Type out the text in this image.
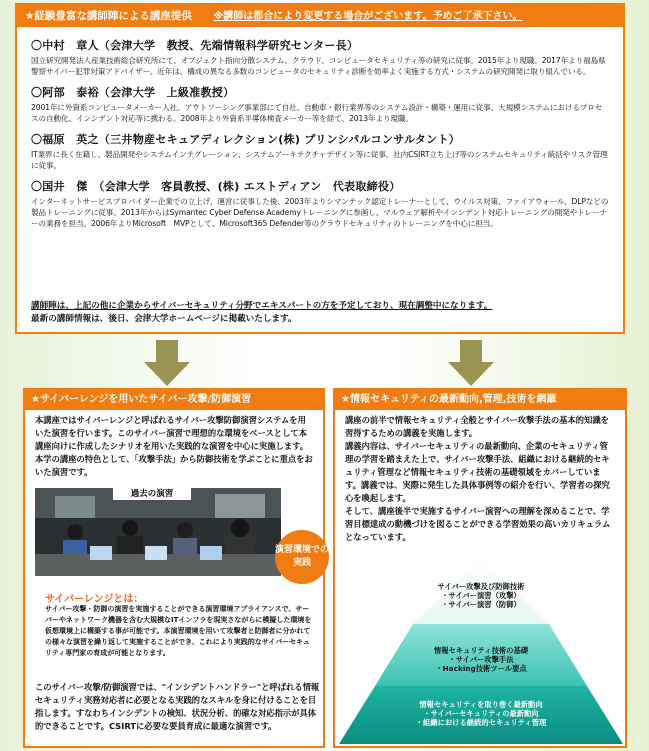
★経験豊富な講師陣による講座提供 ※講師は都合により変更する場合がございます。予めご了承下さい。
〇中村　章人（会津大学　教授、先端情報科学研究センター長）
国立研究開発法人産業技術総合研究所にて、オブジェクト指向分散システム、クラウド、コンピュータセキュリティ等の研究に従事。2015年より現職。2017年より福島県警察サイバー犯罪対策アドバイザー。近年は、構成の異なる多数のコンピュータのセキュリティ診断を効率よく実施する方式・システムの研究開発に取り組んでいる。
〇阿部　泰裕（会津大学　上級准教授）
2001年に外資系コンピュータメーカー入社。アウトソーシング事業部にて自社、自動車・銀行業界等のシステム設計・構築・運用に従事。大規模システムにおけるプロセスの自動化、インシデント対応等に携わる。2008年より外資系半導体検査メーカー等を経て、2013年より現職。
〇福原　英之（三井物産セキュアディレクション(株) プリンシパルコンサルタント）
IT業界に長く在籍し、製品開発やシステムインテグレーション、システムアーキテクチャデザイン等に従事。社内CSIRT立ち上げ等のシステムセキュリティ統括やリスク管理に従事。
〇国井　傑　（会津大学　客員教授、(株) エストディアン　代表取締役）
インターネットサービスプロバイダー企業での立上げ、運営に従事した後、2003年よりシマンテック認定トレーナーとして、ウイルス対策、ファイアウォール、DLPなどの製品トレーニングに従事。2013年からはSymantec Cyber Defense Academyトレーニングに参画し、マルウェア解析やインシデント対応トレーニングの開発やトレーナーの業務を担当。2006年よりMicrosoft　MVPとして、Microsoft365 Defender等のクラウドセキュリティのトレーニングを中心に担当。
講師陣は、上記の他に企業からサイバーセキュリティ分野でエキスパートの方を予定しており、現在調整中になります。
最新の講師情報は、後日、会津大学ホームページに掲載いたします。
★サイバーレンジを用いたサイバー攻撃/防御演習
本講座ではサイバーレンジと呼ばれるサイバー攻撃防御演習システムを用いた演習を行います。このサイバー演習で理想的な環境をベースとして本講座向けに作成したシナリオを用いた実践的な演習を中心に実施します。本学の講座の特色として、「攻撃手法」から防御技術を学ぶことに重点をおいた演習です。
過去の演習
演習環境での実践
サイバーレンジとは：
サイバー攻撃・防御の演習を実施することができる演習環境アプライアンスで、サーバーやネットワーク機器を含む大規模なITインフラを現実さながらに模擬した環境を仮想環境上に構築する事が可能です。本演習環境を用いて攻撃者と防御者に分かれての様々な演習を繰り返して実施することができ、これにより実践的なサイバーセキュリティ専門家の育成が可能となります。
このサイバー攻撃/防御演習では、"インシデントハンドラー"と呼ばれる情報セキュリティ実務対応者に必要となる実践的なスキルを身に付けることを目指します。すなわちインシデントの検知、状況分析、的確な対応指示が具体的できることです。CSIRTに必要な要員育成に最適な演習です。
★情報セキュリティの最新動向,管理,技術を網羅
講座の前半で情報セキュリティ全般とサイバー攻撃手法の基本的知識を習得するための講義を実施します。
講義内容は、サイバーセキュリティの最新動向、企業のセキュリティ管理の学習を踏まえた上で、サイバー攻撃手法、組織における継続的セキュリティ管理など情報セキュリティ技術の基礎領域をカバーしています。講義では、実際に発生した具体事例等の紹介を行い、学習者の探究心を喚起します。
そして、講座後半で実施するサイバー演習への理解を深めることで、学習目標達成の動機づけを図ることができる学習効果の高いカリキュラムとなっています。
サイバー攻撃及び防御技術
・サイバー演習（攻撃）
・サイバー演習（防御）
情報セキュリティ技術の基礎
・サイバー攻撃手法
・Hacking技術ツール要点
情報セキュリティを取り巻く最新動向
・サイバーセキュリティの最新動向
・組織における継続的セキュリティ管理
